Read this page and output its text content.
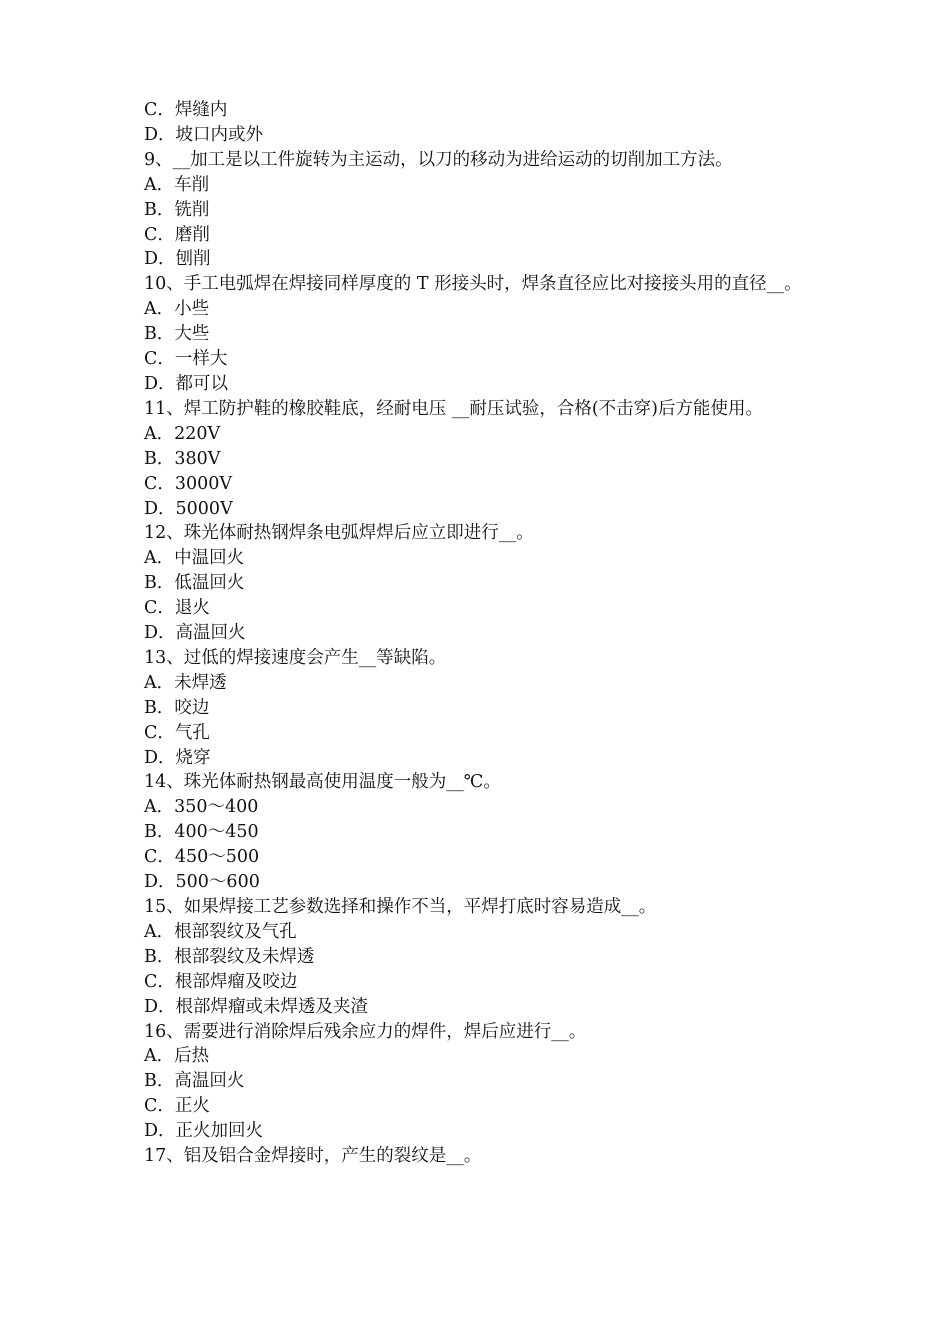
C．焊缝内

D．坡口内或外

9、__加工是以工件旋转为主运动，以刀的移动为进给运动的切削加工方法。

A．车削

B．铣削

C．磨削

D．刨削

10、手工电弧焊在焊接同样厚度的 T 形接头时，焊条直径应比对接接头用的直径__。

A．小些

B．大些

C．一样大

D．都可以

11、焊工防护鞋的橡胶鞋底，经耐电压 __耐压试验，合格(不击穿)后方能使用。

A．220V

B．380V

C．3000V

D．5000V

12、珠光体耐热钢焊条电弧焊焊后应立即进行__。

A．中温回火

B．低温回火

C．退火

D．高温回火

13、过低的焊接速度会产生__等缺陷。

A．未焊透

B．咬边

C．气孔

D．烧穿

14、珠光体耐热钢最高使用温度一般为__℃。

A．350～400

B．400～450

C．450～500

D．500～600

15、如果焊接工艺参数选择和操作不当，平焊打底时容易造成__。

A．根部裂纹及气孔

B．根部裂纹及未焊透

C．根部焊瘤及咬边

D．根部焊瘤或未焊透及夹渣

16、需要进行消除焊后残余应力的焊件，焊后应进行__。

A．后热

B．高温回火

C．正火

D．正火加回火

17、铝及铝合金焊接时，产生的裂纹是__。
